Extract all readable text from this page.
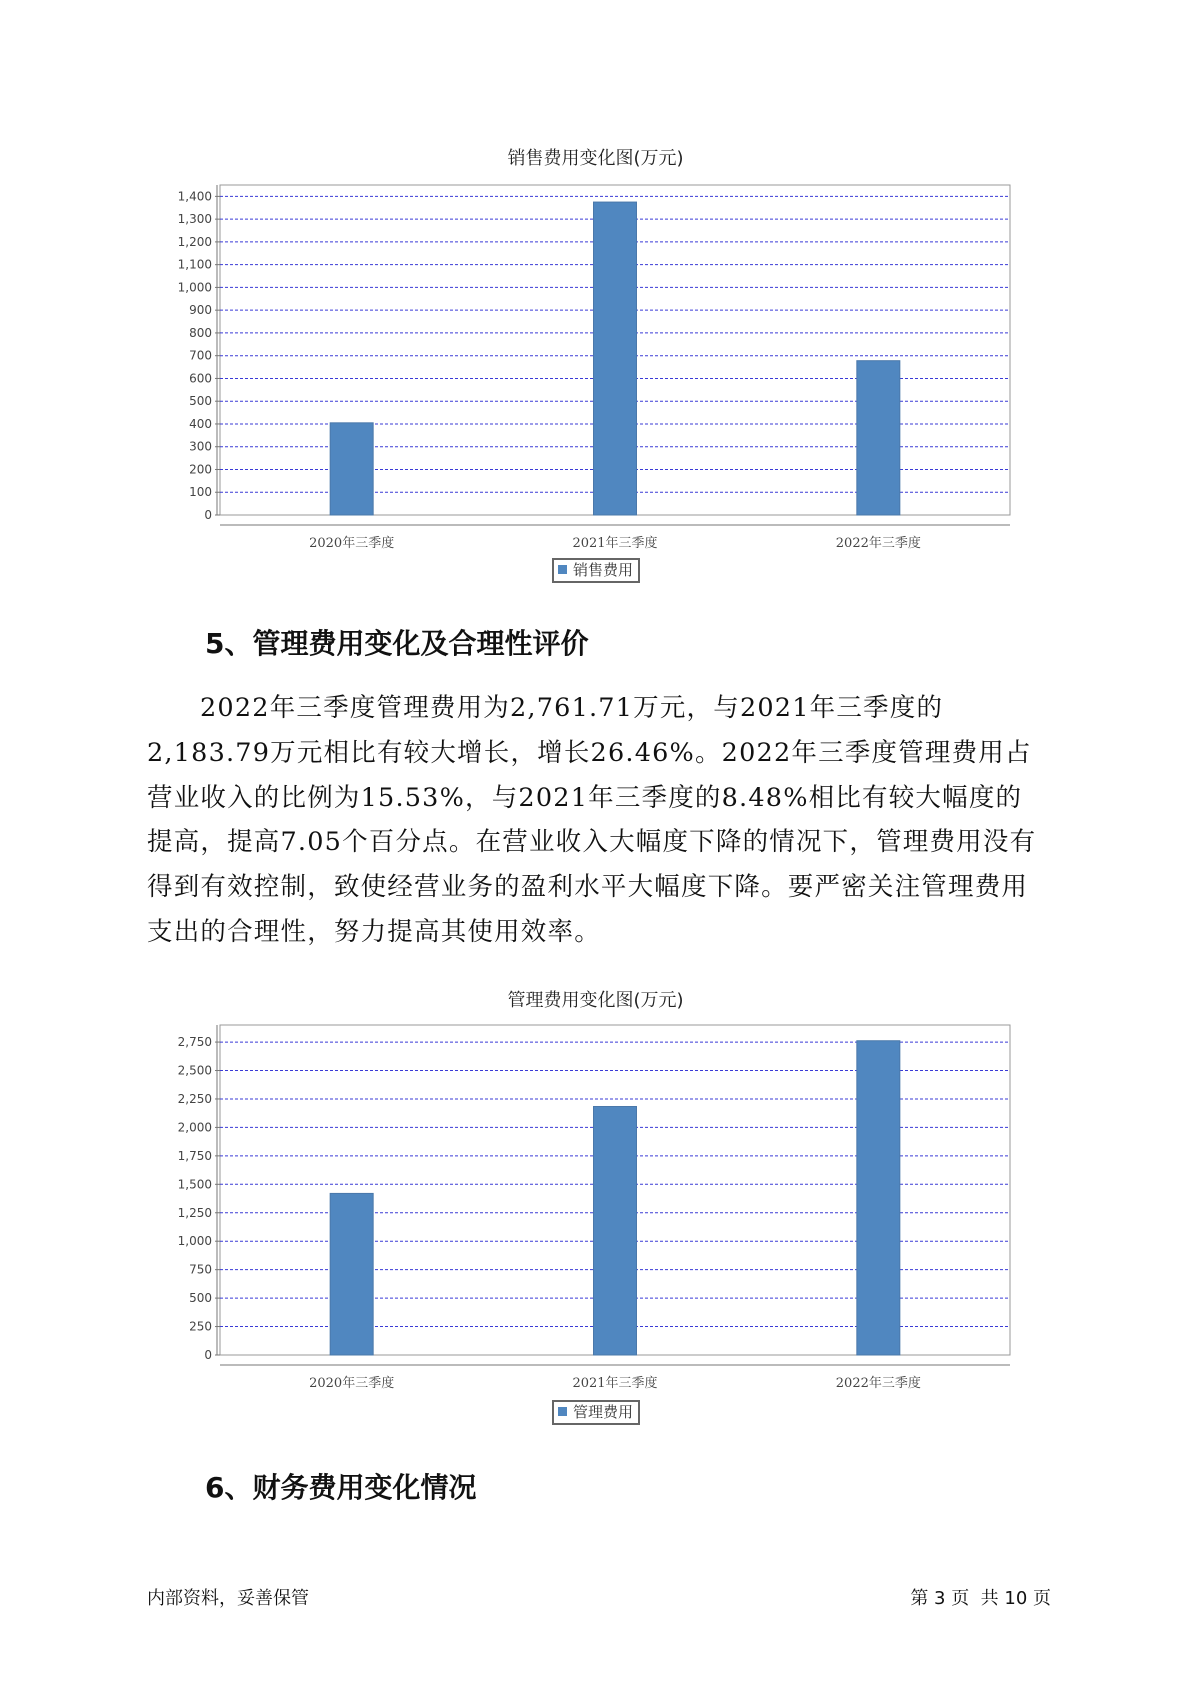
销售费用变化图(万元)
0
100
200
300
400
500
600
700
800
900
1,000
1,100
1,200
1,300
1,400
2020年三季度	2021年三季度	2022年三季度
销售费用
5、管理费用变化及合理性评价
2022年三季度管理费用为2,761.71万元，与2021年三季度的2,183.79万元相比有较大增长，增长26.46%。2022年三季度管理费用占营业收入的比例为15.53%，与2021年三季度的8.48%相比有较大幅度的提高，提高7.05个百分点。在营业收入大幅度下降的情况下，管理费用没有得到有效控制，致使经营业务的盈利水平大幅度下降。要严密关注管理费用支出的合理性，努力提高其使用效率。
管理费用变化图(万元)
0
250
500
750
1,000
1,250
1,500
1,750
2,000
2,250
2,500
2,750
2020年三季度	2021年三季度	2022年三季度
管理费用
6、财务费用变化情况
内部资料，妥善保管	第 3 页  共 10 页
